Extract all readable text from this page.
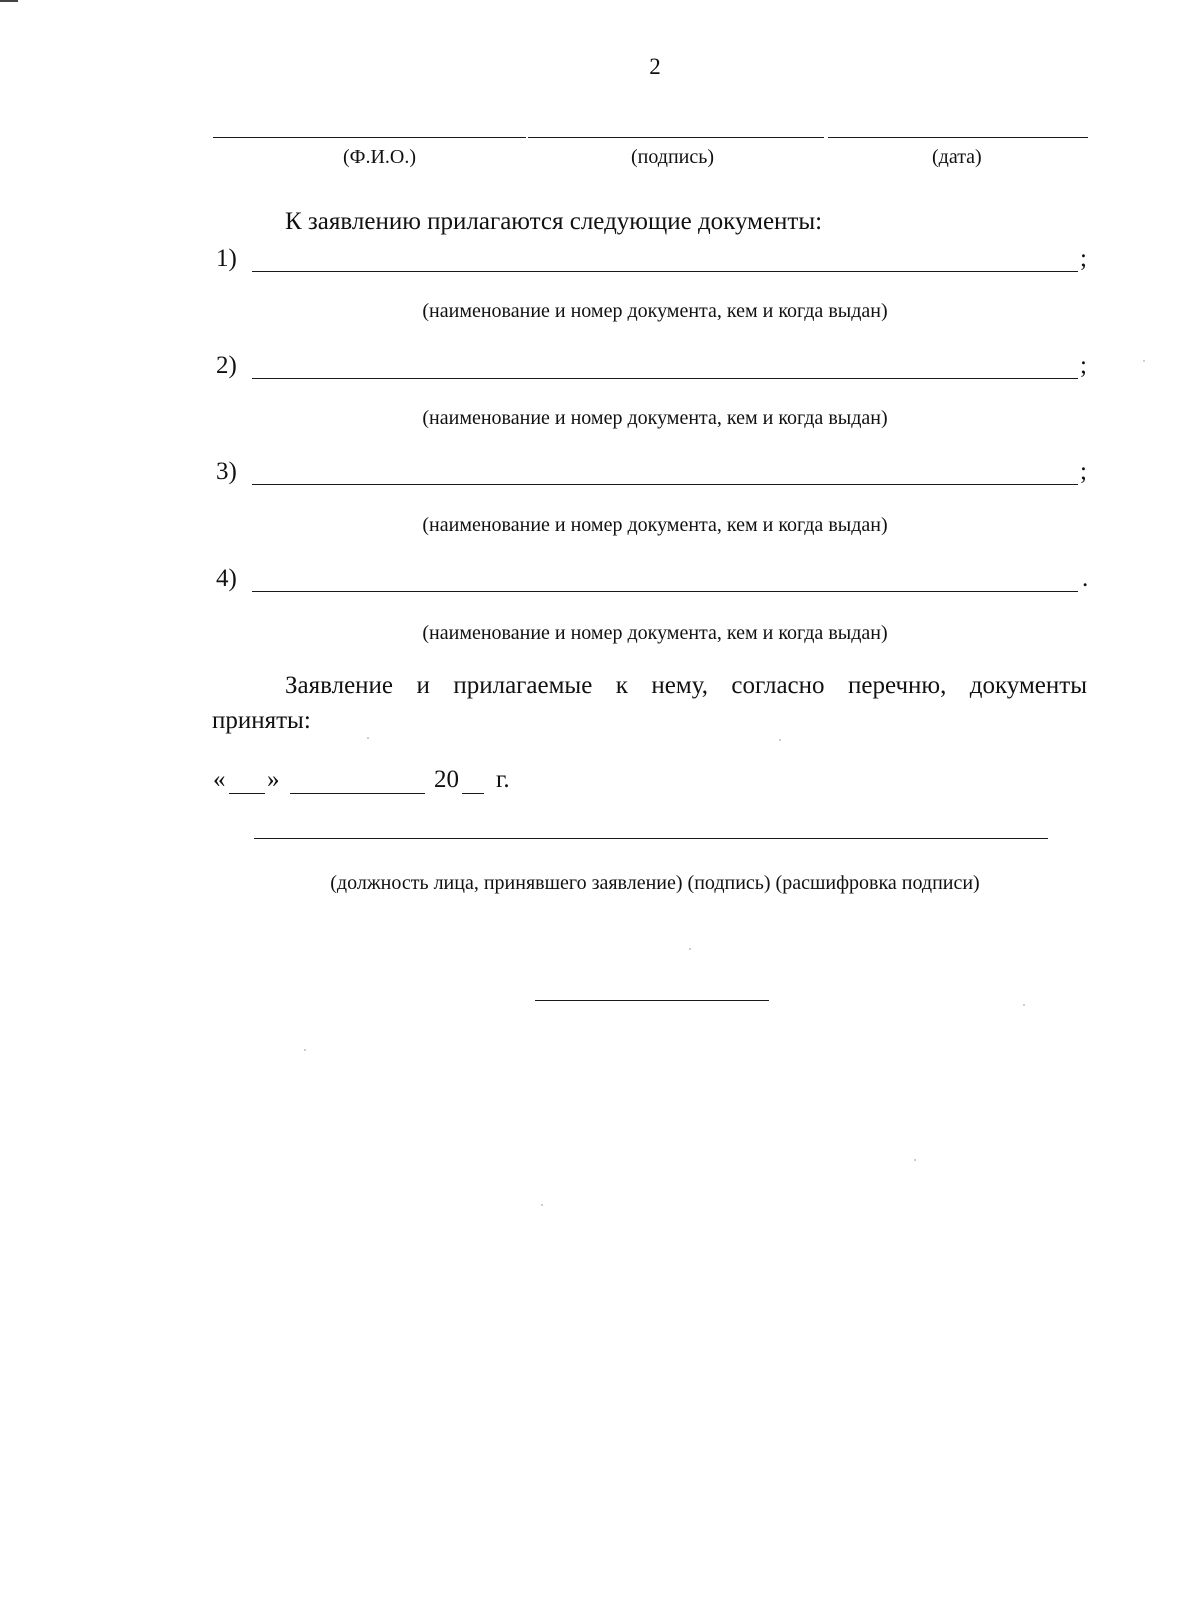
2
(Ф.И.О.)	(подпись)	(дата)
К заявлению прилагаются следующие документы:
1)	;
(наименование и номер документа, кем и когда выдан)
2)	;
(наименование и номер документа, кем и когда выдан)
3)	;
(наименование и номер документа, кем и когда выдан)
4)	.
(наименование и номер документа, кем и когда выдан)
Заявление и прилагаемые к нему, согласно перечню, документы
приняты:
« »	20 г.
(должность лица, принявшего заявление) (подпись) (расшифровка подписи)
